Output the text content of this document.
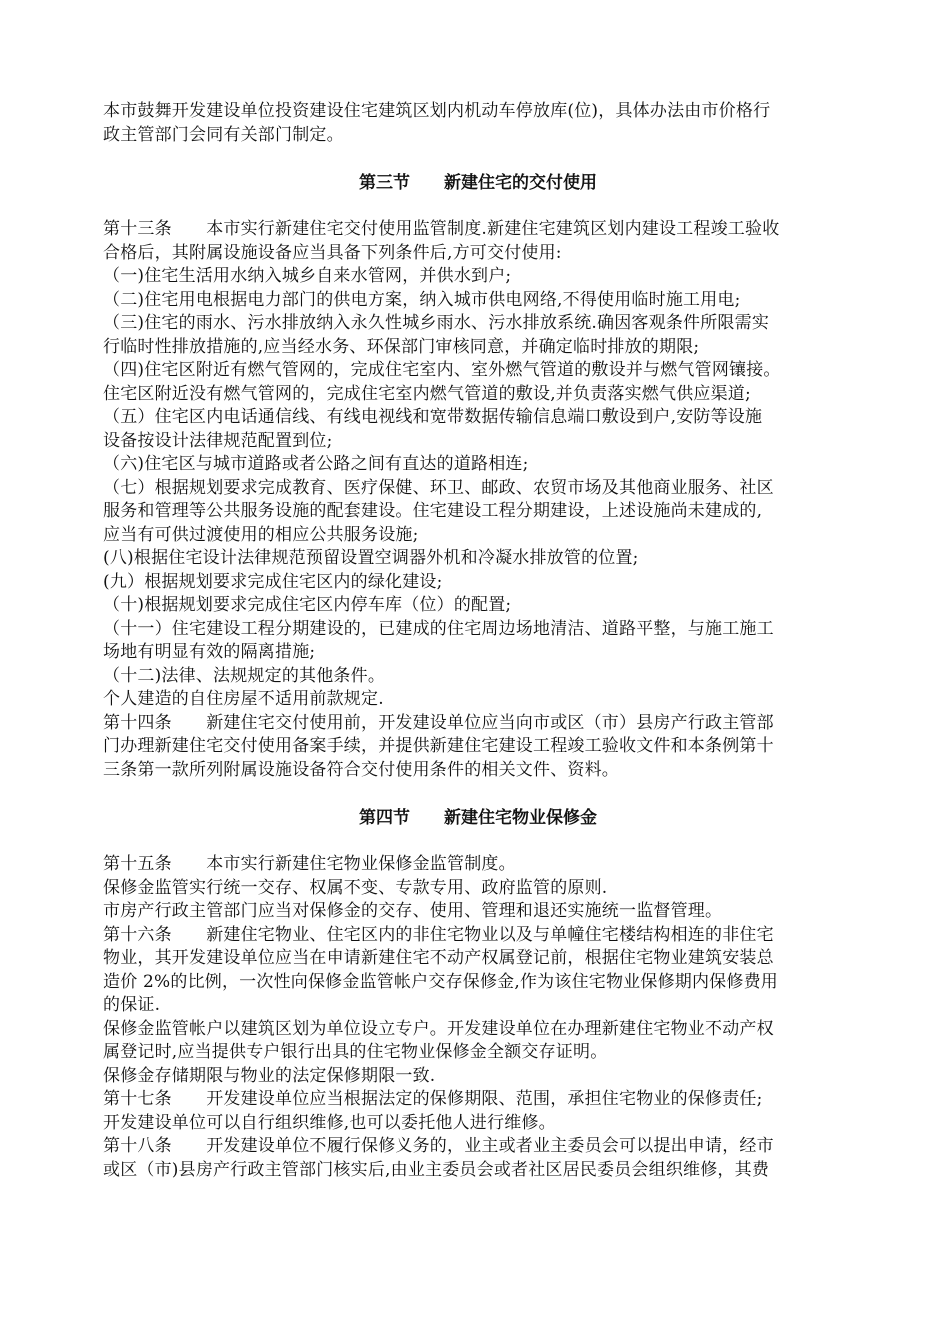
本市鼓舞开发建设单位投资建设住宅建筑区划内机动车停放库(位)，具体办法由市价格行
政主管部门会同有关部门制定。
第三节　　新建住宅的交付使用
第十三条　　本市实行新建住宅交付使用监管制度.新建住宅建筑区划内建设工程竣工验收
合格后，其附属设施设备应当具备下列条件后,方可交付使用:
（一)住宅生活用水纳入城乡自来水管网，并供水到户;
（二)住宅用电根据电力部门的供电方案，纳入城市供电网络,不得使用临时施工用电;
（三)住宅的雨水、污水排放纳入永久性城乡雨水、污水排放系统.确因客观条件所限需实
行临时性排放措施的,应当经水务、环保部门审核同意，并确定临时排放的期限;
（四)住宅区附近有燃气管网的，完成住宅室内、室外燃气管道的敷设并与燃气管网镶接。
住宅区附近没有燃气管网的，完成住宅室内燃气管道的敷设,并负责落实燃气供应渠道;
（五）住宅区内电话通信线、有线电视线和宽带数据传输信息端口敷设到户,安防等设施
设备按设计法律规范配置到位;
（六)住宅区与城市道路或者公路之间有直达的道路相连;
（七）根据规划要求完成教育、医疗保健、环卫、邮政、农贸市场及其他商业服务、社区
服务和管理等公共服务设施的配套建设。住宅建设工程分期建设，上述设施尚未建成的,
应当有可供过渡使用的相应公共服务设施;
(八)根据住宅设计法律规范预留设置空调器外机和冷凝水排放管的位置;
(九）根据规划要求完成住宅区内的绿化建设;
（十)根据规划要求完成住宅区内停车库（位）的配置;
（十一）住宅建设工程分期建设的，已建成的住宅周边场地清洁、道路平整，与施工施工
场地有明显有效的隔离措施;
（十二)法律、法规规定的其他条件。
个人建造的自住房屋不适用前款规定.
第十四条　　新建住宅交付使用前，开发建设单位应当向市或区（市）县房产行政主管部
门办理新建住宅交付使用备案手续，并提供新建住宅建设工程竣工验收文件和本条例第十
三条第一款所列附属设施设备符合交付使用条件的相关文件、资料。
第四节　　新建住宅物业保修金
第十五条　　本市实行新建住宅物业保修金监管制度。
保修金监管实行统一交存、权属不变、专款专用、政府监管的原则.
市房产行政主管部门应当对保修金的交存、使用、管理和退还实施统一监督管理。
第十六条　　新建住宅物业、住宅区内的非住宅物业以及与单幢住宅楼结构相连的非住宅
物业，其开发建设单位应当在申请新建住宅不动产权属登记前，根据住宅物业建筑安装总
造价 2%的比例，一次性向保修金监管帐户交存保修金,作为该住宅物业保修期内保修费用
的保证.
保修金监管帐户以建筑区划为单位设立专户。开发建设单位在办理新建住宅物业不动产权
属登记时,应当提供专户银行出具的住宅物业保修金全额交存证明。
保修金存储期限与物业的法定保修期限一致.
第十七条　　开发建设单位应当根据法定的保修期限、范围，承担住宅物业的保修责任;
开发建设单位可以自行组织维修,也可以委托他人进行维修。
第十八条　　开发建设单位不履行保修义务的，业主或者业主委员会可以提出申请，经市
或区（市)县房产行政主管部门核实后,由业主委员会或者社区居民委员会组织维修，其费
